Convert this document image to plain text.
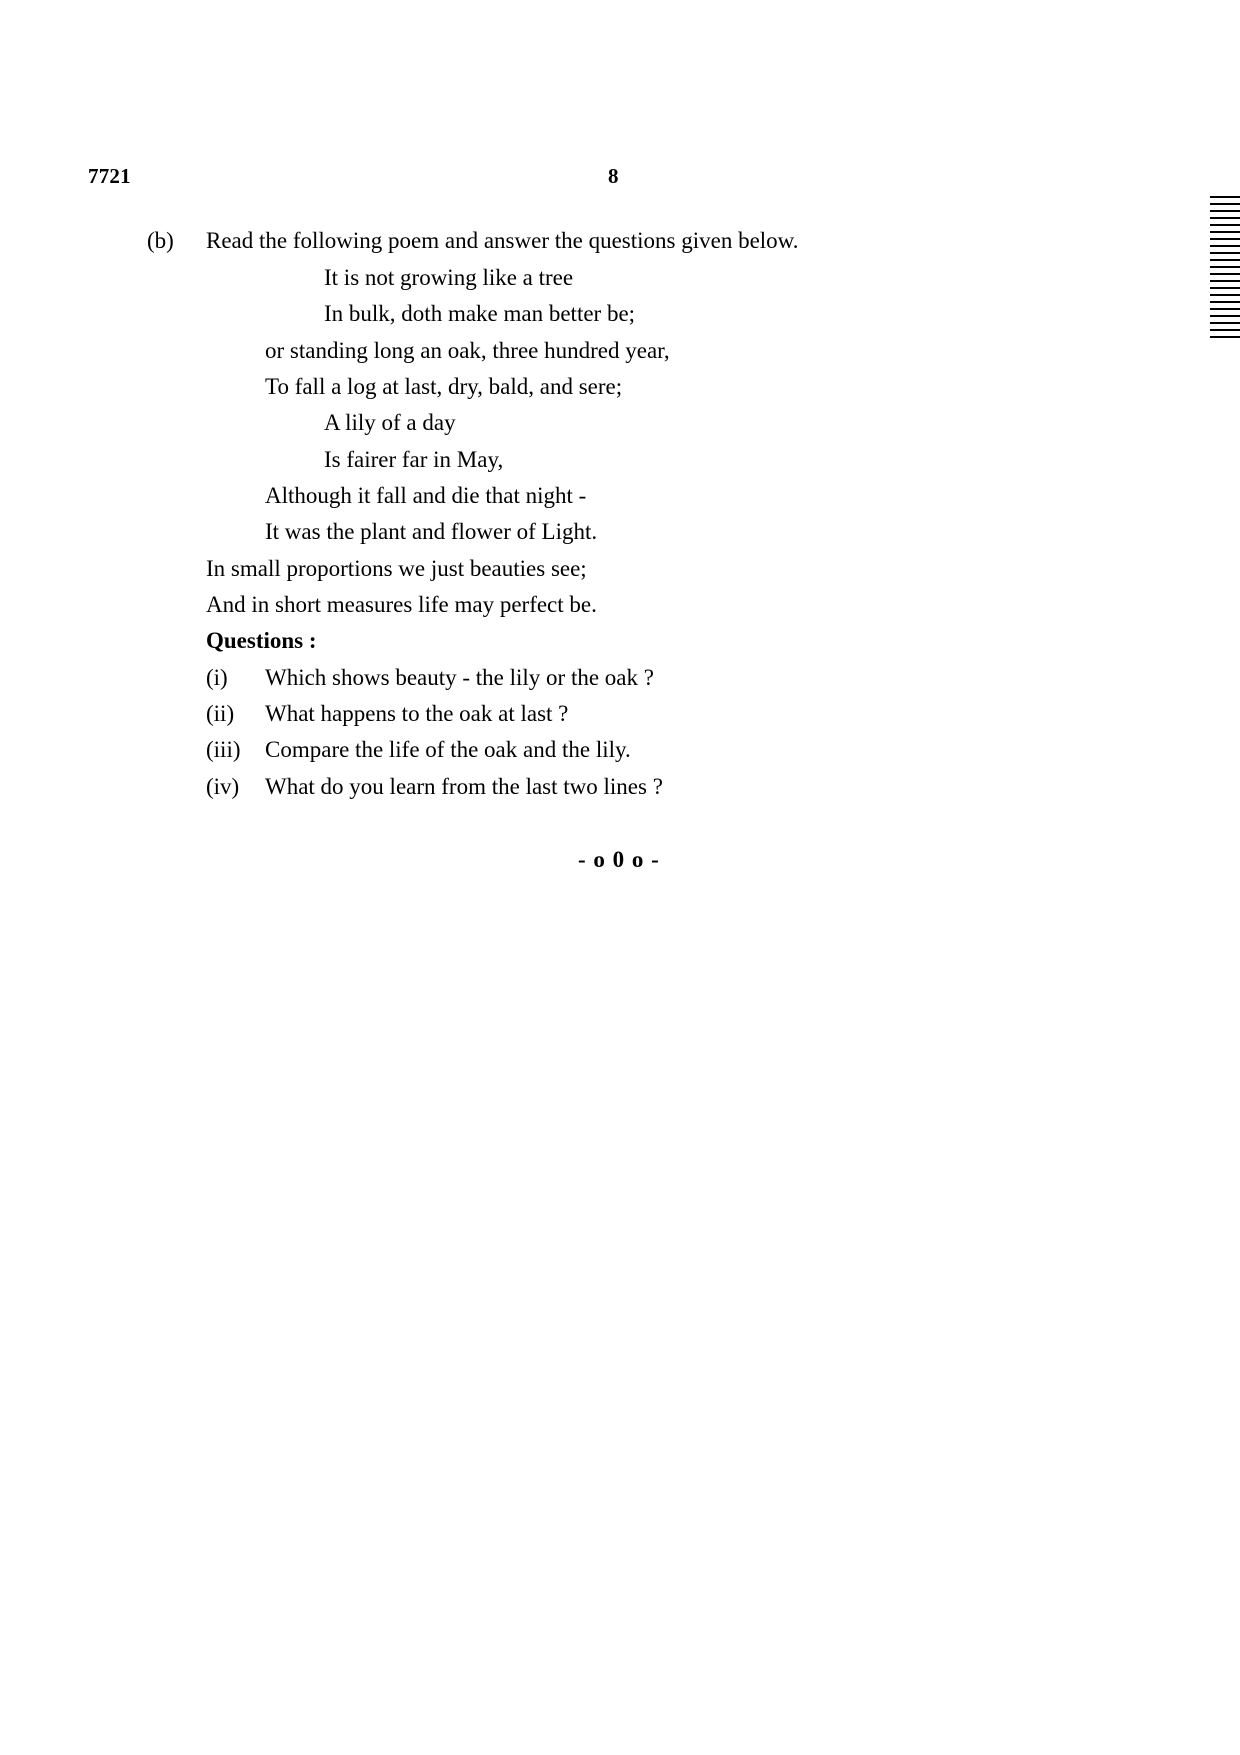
7721	8
(b) Read the following poem and answer the questions given below.
It is not growing like a tree
In bulk, doth make man better be;
or standing long an oak, three hundred year,
To fall a log at last, dry, bald, and sere;
A lily of a day
Is fairer far in May,
Although it fall and die that night -
It was the plant and flower of Light.
In small proportions we just beauties see;
And in short measures life may perfect be.
Questions :
(i) Which shows beauty - the lily or the oak ?
(ii) What happens to the oak at last ?
(iii) Compare the life of the oak and the lily.
(iv) What do you learn from the last two lines ?
- o 0 o -
